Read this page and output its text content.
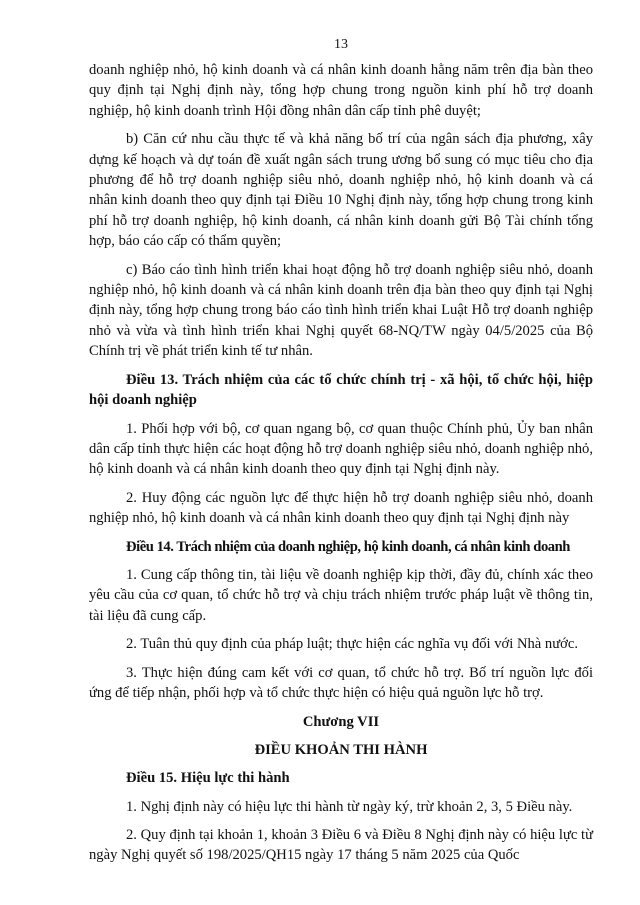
13

doanh nghiệp nhỏ, hộ kinh doanh và cá nhân kinh doanh hằng năm trên địa bàn theo quy định tại Nghị định này, tổng hợp chung trong nguồn kinh phí hỗ trợ doanh nghiệp, hộ kinh doanh trình Hội đồng nhân dân cấp tỉnh phê duyệt;

b) Căn cứ nhu cầu thực tế và khả năng bố trí của ngân sách địa phương, xây dựng kế hoạch và dự toán đề xuất ngân sách trung ương bổ sung có mục tiêu cho địa phương để hỗ trợ doanh nghiệp siêu nhỏ, doanh nghiệp nhỏ, hộ kinh doanh và cá nhân kinh doanh theo quy định tại Điều 10 Nghị định này, tổng hợp chung trong kinh phí hỗ trợ doanh nghiệp, hộ kinh doanh, cá nhân kinh doanh gửi Bộ Tài chính tổng hợp, báo cáo cấp có thẩm quyền;

c) Báo cáo tình hình triển khai hoạt động hỗ trợ doanh nghiệp siêu nhỏ, doanh nghiệp nhỏ, hộ kinh doanh và cá nhân kinh doanh trên địa bàn theo quy định tại Nghị định này, tổng hợp chung trong báo cáo tình hình triển khai Luật Hỗ trợ doanh nghiệp nhỏ và vừa và tình hình triển khai Nghị quyết 68-NQ/TW ngày 04/5/2025 của Bộ Chính trị về phát triển kinh tế tư nhân.

Điều 13. Trách nhiệm của các tổ chức chính trị - xã hội, tổ chức hội, hiệp hội doanh nghiệp

1. Phối hợp với bộ, cơ quan ngang bộ, cơ quan thuộc Chính phủ, Ủy ban nhân dân cấp tỉnh thực hiện các hoạt động hỗ trợ doanh nghiệp siêu nhỏ, doanh nghiệp nhỏ, hộ kinh doanh và cá nhân kinh doanh theo quy định tại Nghị định này.

2. Huy động các nguồn lực để thực hiện hỗ trợ doanh nghiệp siêu nhỏ, doanh nghiệp nhỏ, hộ kinh doanh và cá nhân kinh doanh theo quy định tại Nghị định này

Điều 14. Trách nhiệm của doanh nghiệp, hộ kinh doanh, cá nhân kinh doanh

1. Cung cấp thông tin, tài liệu về doanh nghiệp kịp thời, đầy đủ, chính xác theo yêu cầu của cơ quan, tổ chức hỗ trợ và chịu trách nhiệm trước pháp luật về thông tin, tài liệu đã cung cấp.

2. Tuân thủ quy định của pháp luật; thực hiện các nghĩa vụ đối với Nhà nước.

3. Thực hiện đúng cam kết với cơ quan, tổ chức hỗ trợ. Bố trí nguồn lực đối ứng để tiếp nhận, phối hợp và tổ chức thực hiện có hiệu quả nguồn lực hỗ trợ.

Chương VII
ĐIỀU KHOẢN THI HÀNH

Điều 15. Hiệu lực thi hành

1. Nghị định này có hiệu lực thi hành từ ngày ký, trừ khoản 2, 3, 5 Điều này.

2. Quy định tại khoản 1, khoản 3 Điều 6 và Điều 8 Nghị định này có hiệu lực từ ngày Nghị quyết số 198/2025/QH15 ngày 17 tháng 5 năm 2025 của Quốc
